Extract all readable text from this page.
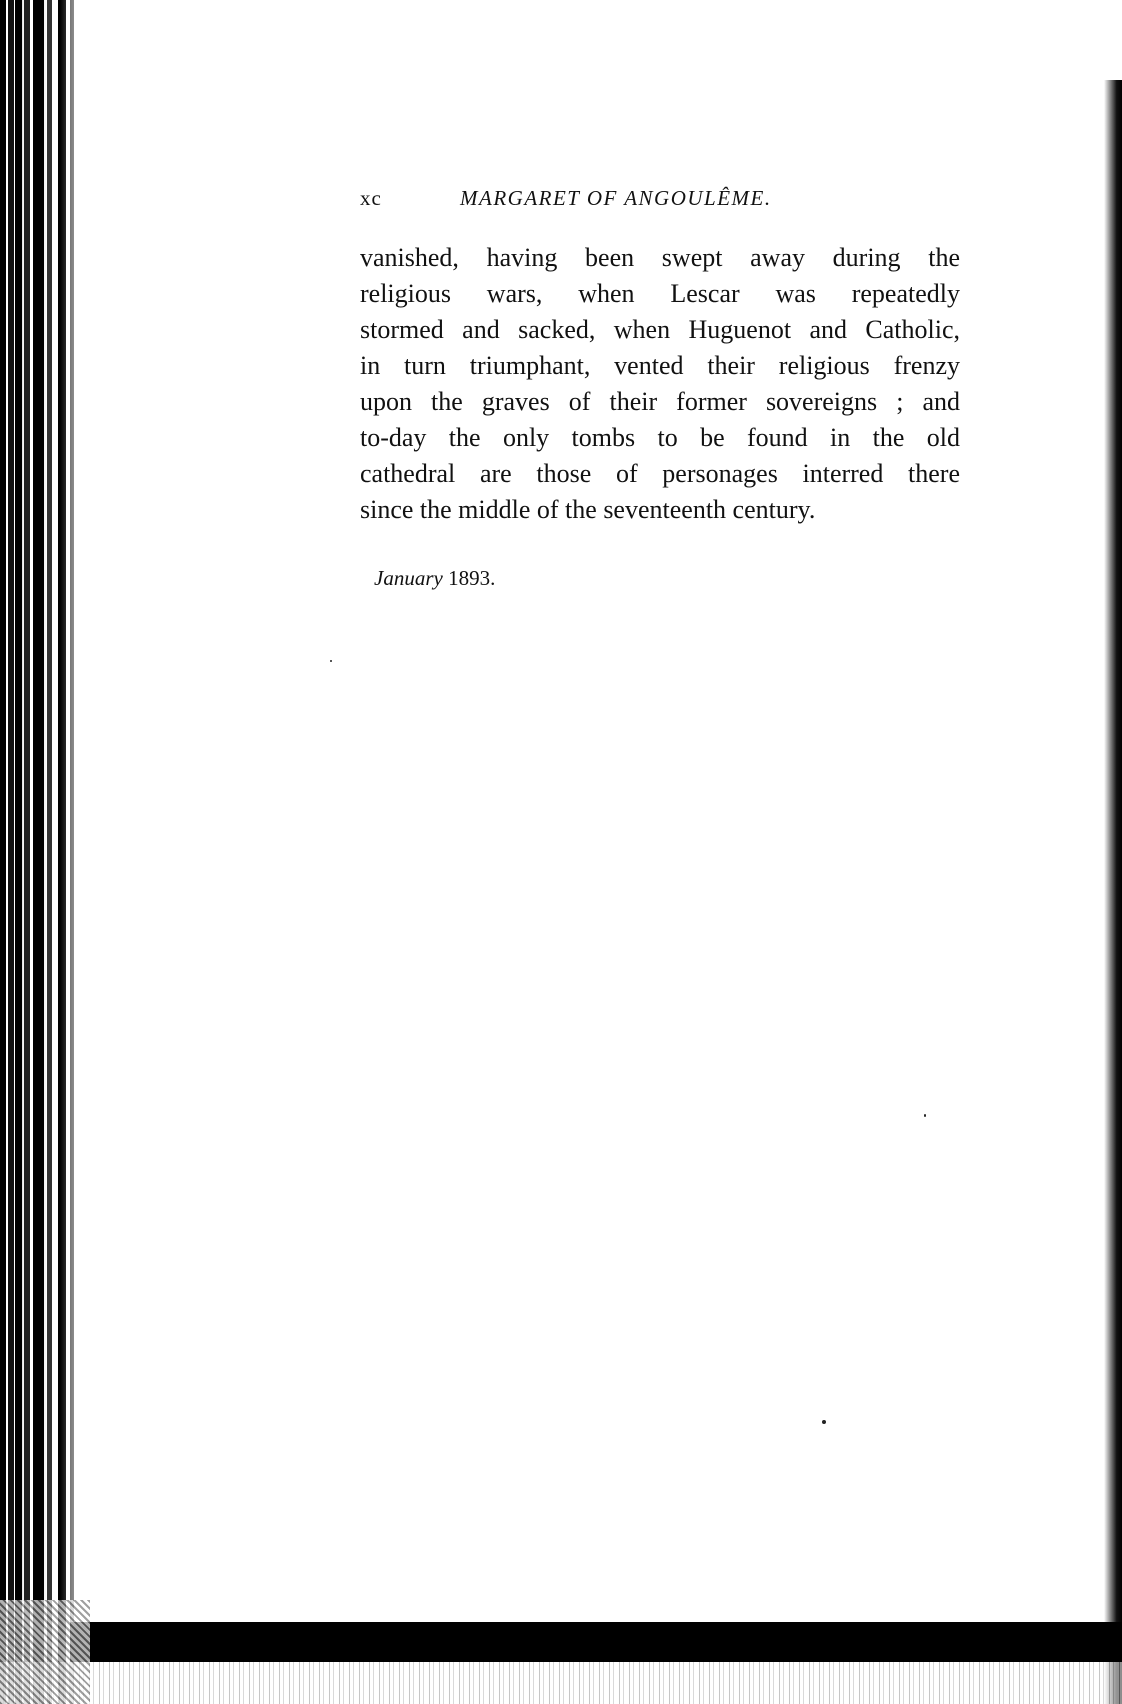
xc	MARGARET OF ANGOULÊME.
vanished, having been swept away during the
religious wars, when Lescar was repeatedly
stormed and sacked, when Huguenot and Catholic,
in turn triumphant, vented their religious frenzy
upon the graves of their former sovereigns ; and
to-day the only tombs to be found in the old
cathedral are those of personages interred there
since the middle of the seventeenth century.
January 1893.
